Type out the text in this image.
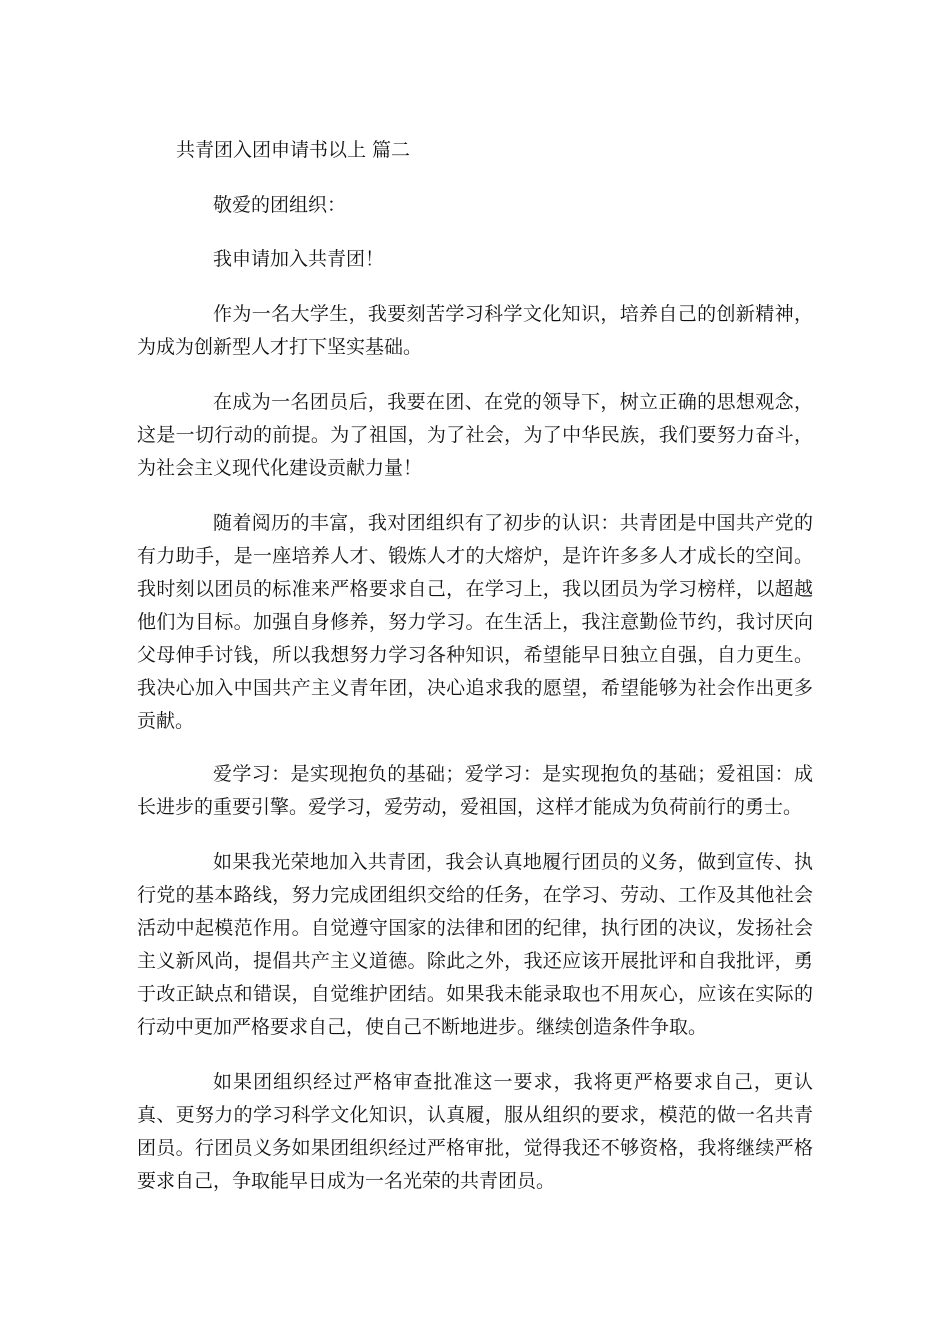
共青团入团申请书以上 篇二

敬爱的团组织：

我申请加入共青团！

作为一名大学生，我要刻苦学习科学文化知识，培养自己的创新精神，为成为创新型人才打下坚实基础。

在成为一名团员后，我要在团、在党的领导下，树立正确的思想观念，这是一切行动的前提。为了祖国，为了社会，为了中华民族，我们要努力奋斗，为社会主义现代化建设贡献力量！

随着阅历的丰富，我对团组织有了初步的认识：共青团是中国共产党的有力助手，是一座培养人才、锻炼人才的大熔炉，是许许多多人才成长的空间。我时刻以团员的标准来严格要求自己，在学习上，我以团员为学习榜样，以超越他们为目标。加强自身修养，努力学习。在生活上，我注意勤俭节约，我讨厌向父母伸手讨钱，所以我想努力学习各种知识，希望能早日独立自强，自力更生。我决心加入中国共产主义青年团，决心追求我的愿望，希望能够为社会作出更多贡献。

爱学习：是实现抱负的基础；爱学习：是实现抱负的基础；爱祖国：成长进步的重要引擎。爱学习，爱劳动，爱祖国，这样才能成为负荷前行的勇士。

如果我光荣地加入共青团，我会认真地履行团员的义务，做到宣传、执行党的基本路线，努力完成团组织交给的任务，在学习、劳动、工作及其他社会活动中起模范作用。自觉遵守国家的法律和团的纪律，执行团的决议，发扬社会主义新风尚，提倡共产主义道德。除此之外，我还应该开展批评和自我批评，勇于改正缺点和错误，自觉维护团结。如果我未能录取也不用灰心，应该在实际的行动中更加严格要求自己，使自己不断地进步。继续创造条件争取。

如果团组织经过严格审查批准这一要求，我将更严格要求自己，更认真、更努力的学习科学文化知识，认真履，服从组织的要求，模范的做一名共青团员。行团员义务如果团组织经过严格审批，觉得我还不够资格，我将继续严格要求自己，争取能早日成为一名光荣的共青团员。
